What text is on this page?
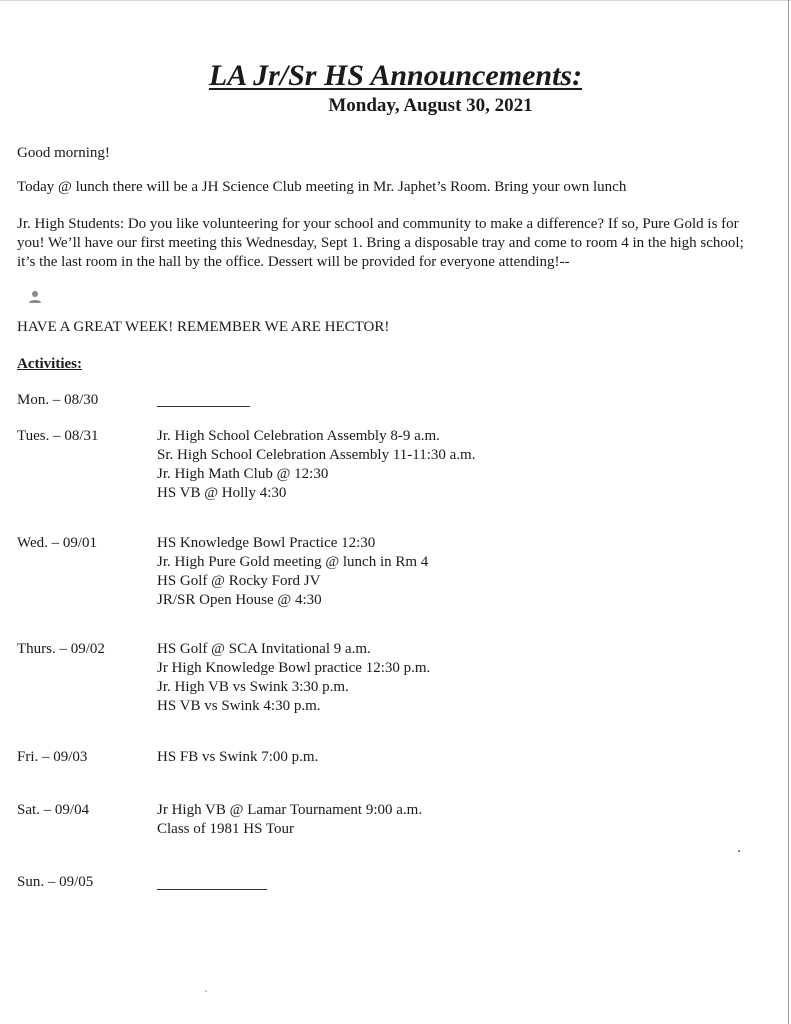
LA Jr/Sr HS Announcements:
Monday, August 30, 2021
Good morning!
Today @ lunch there will be a JH Science Club meeting in Mr. Japhet’s Room. Bring your own lunch
Jr. High Students: Do you like volunteering for your school and community to make a difference? If so, Pure Gold is for you! We’ll have our first meeting this Wednesday, Sept 1. Bring a disposable tray and come to room 4 in the high school; it’s the last room in the hall by the office. Dessert will be provided for everyone attending!--
HAVE A GREAT WEEK! REMEMBER WE ARE HECTOR!
Activities:
Mon. – 08/30
Tues. – 08/31	Jr. High School Celebration Assembly 8-9 a.m.
Sr. High School Celebration Assembly 11-11:30 a.m.
Jr. High Math Club @ 12:30
HS VB @ Holly 4:30
Wed. – 09/01	HS Knowledge Bowl Practice 12:30
Jr. High Pure Gold meeting @ lunch in Rm 4
HS Golf @ Rocky Ford JV
JR/SR Open House @ 4:30
Thurs. – 09/02	HS Golf @ SCA Invitational 9 a.m.
Jr High Knowledge Bowl practice 12:30 p.m.
Jr. High VB vs Swink 3:30 p.m.
HS VB vs Swink 4:30 p.m.
Fri. – 09/03	HS FB vs Swink 7:00 p.m.
Sat. – 09/04	Jr High VB @ Lamar Tournament 9:00 a.m.
Class of 1981 HS Tour
Sun. – 09/05
